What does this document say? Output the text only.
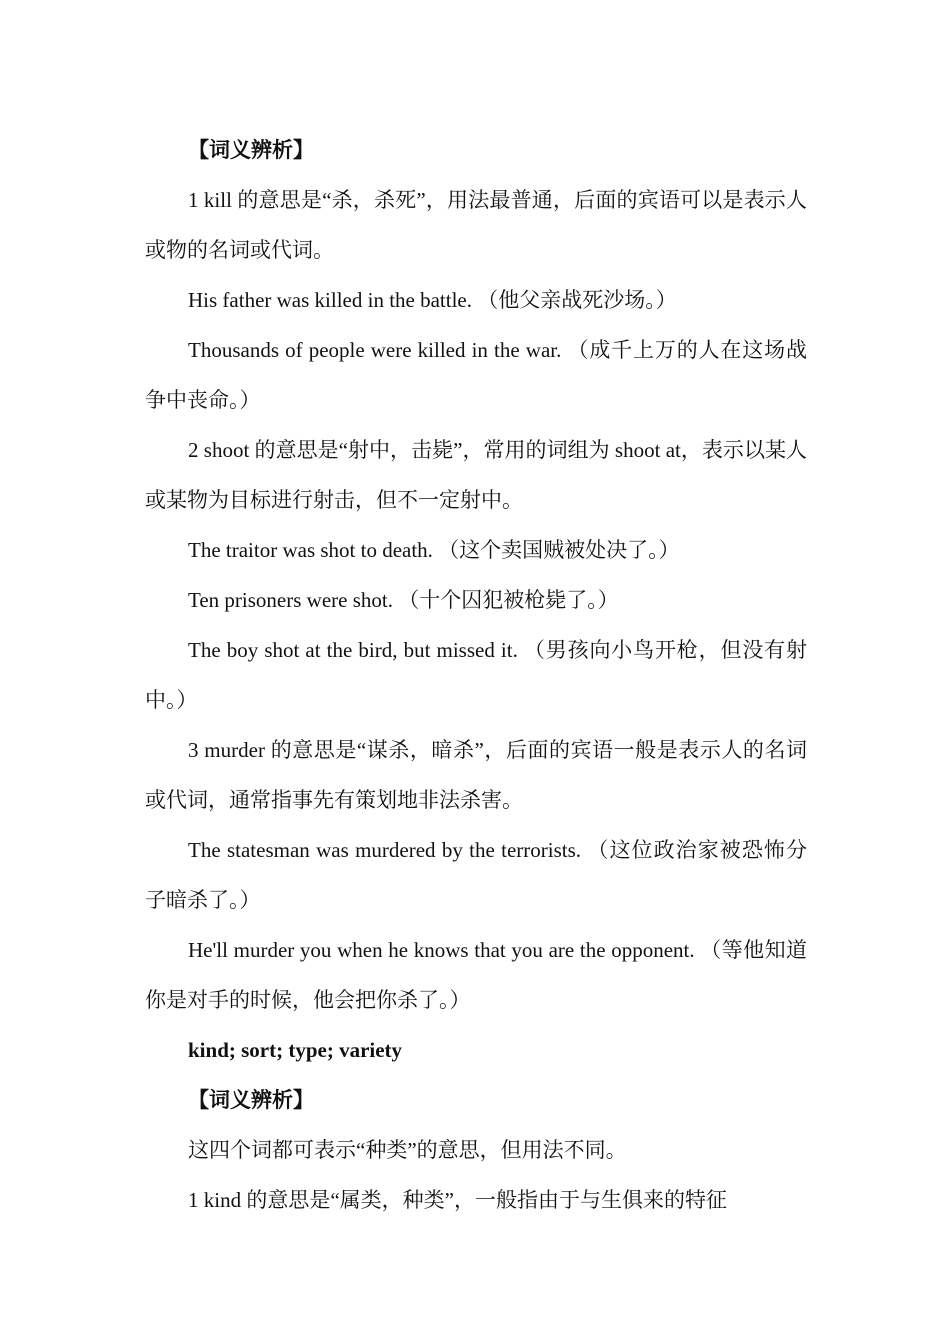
【词义辨析】

1 kill 的意思是“杀，杀死”，用法最普通，后面的宾语可以是表示人或物的名词或代词。

His father was killed in the battle. （他父亲战死沙场。）

Thousands of people were killed in the war. （成千上万的人在这场战争中丧命。）

2 shoot 的意思是“射中，击毙”，常用的词组为 shoot at，表示以某人或某物为目标进行射击，但不一定射中。

The traitor was shot to death. （这个卖国贼被处决了。）

Ten prisoners were shot. （十个囚犯被枪毙了。）

The boy shot at the bird, but missed it. （男孩向小鸟开枪，但没有射中。）

3 murder 的意思是“谋杀，暗杀”，后面的宾语一般是表示人的名词或代词，通常指事先有策划地非法杀害。

The statesman was murdered by the terrorists. （这位政治家被恐怖分子暗杀了。）

He'll murder you when he knows that you are the opponent. （等他知道你是对手的时候，他会把你杀了。）

kind; sort; type; variety

【词义辨析】

这四个词都可表示“种类”的意思，但用法不同。

1 kind 的意思是“属类，种类”，一般指由于与生俱来的特征
